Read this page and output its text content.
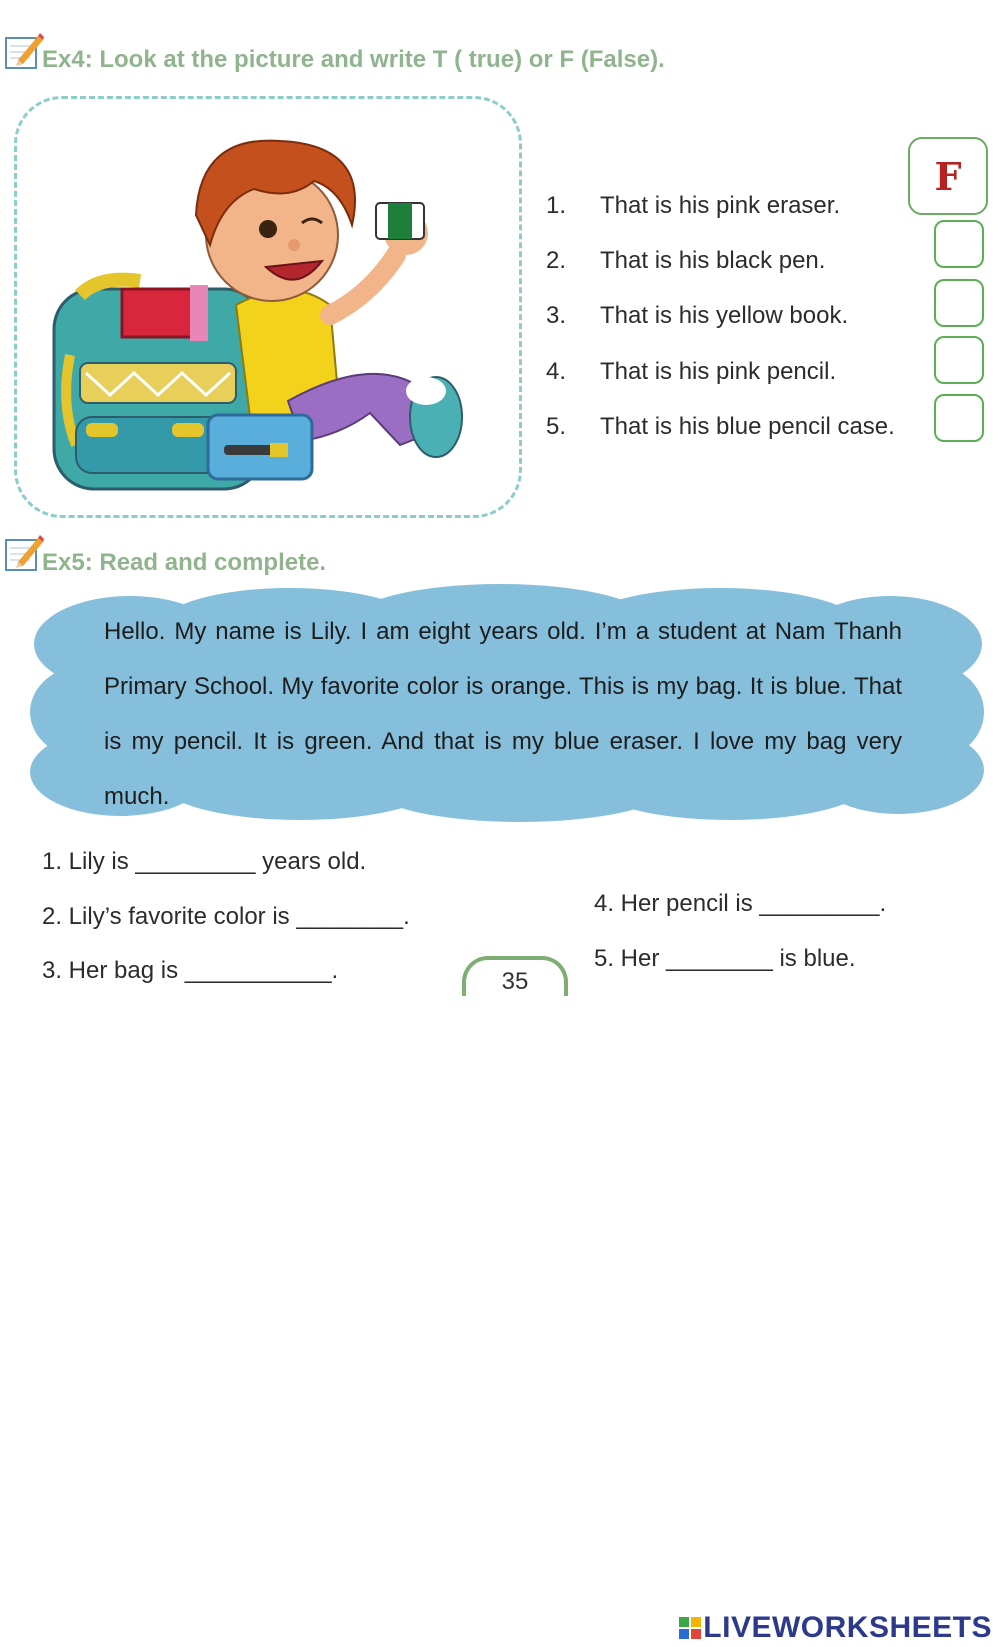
Ex4: Look at the picture and write T ( true) or F (False).
1. That is his pink eraser.
2. That is his black pen.
3. That is his yellow book.
4. That is his pink pencil.
5. That is his blue pencil case.
F
Ex5: Read and complete.
Hello. My name is Lily. I am eight years old. I’m a student at Nam Thanh Primary School. My favorite color is orange. This is my bag. It is blue. That is my pencil. It is green. And that is my blue eraser. I love my bag very much.
1. Lily is _________ years old.
2. Lily’s favorite color is ________.
3. Her bag is ___________.
4. Her pencil is _________.
5. Her ________ is blue.
35
LIVEWORKSHEETS
